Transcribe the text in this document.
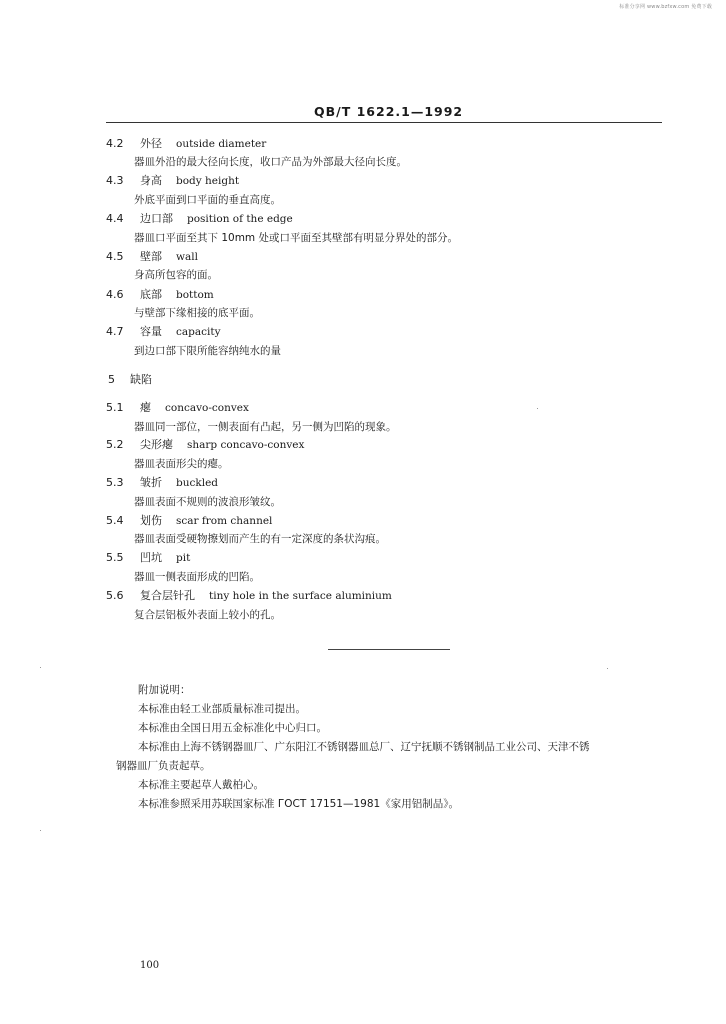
标准分享网 www.bzfxw.com 免费下载
QB/T 1622.1—1992
4.2 外径 outside diameter
器皿外沿的最大径向长度，收口产品为外部最大径向长度。
4.3 身高 body height
外底平面到口平面的垂直高度。
4.4 边口部 position of the edge
器皿口平面至其下 10mm 处或口平面至其壁部有明显分界处的部分。
4.5 壁部 wall
身高所包容的面。
4.6 底部 bottom
与壁部下缘相接的底平面。
4.7 容量 capacity
到边口部下限所能容纳纯水的量
5 缺陷
5.1 瘪 concavo-convex
器皿同一部位，一侧表面有凸起，另一侧为凹陷的现象。
5.2 尖形瘪 sharp concavo-convex
器皿表面形尖的瘪。
5.3 皱折 buckled
器皿表面不规则的波浪形皱纹。
5.4 划伤 scar from channel
器皿表面受硬物擦划而产生的有一定深度的条状沟痕。
5.5 凹坑 pit
器皿一侧表面形成的凹陷。
5.6 复合层针孔 tiny hole in the surface aluminium
复合层铝板外表面上较小的孔。
附加说明：
本标准由轻工业部质量标准司提出。
本标准由全国日用五金标准化中心归口。
本标准由上海不锈钢器皿厂、广东阳江不锈钢器皿总厂、辽宁抚顺不锈钢制品工业公司、天津不锈
钢器皿厂负责起草。
本标准主要起草人戴柏心。
本标准参照采用苏联国家标准 ГОСТ 17151—1981《家用铝制品》。
100
